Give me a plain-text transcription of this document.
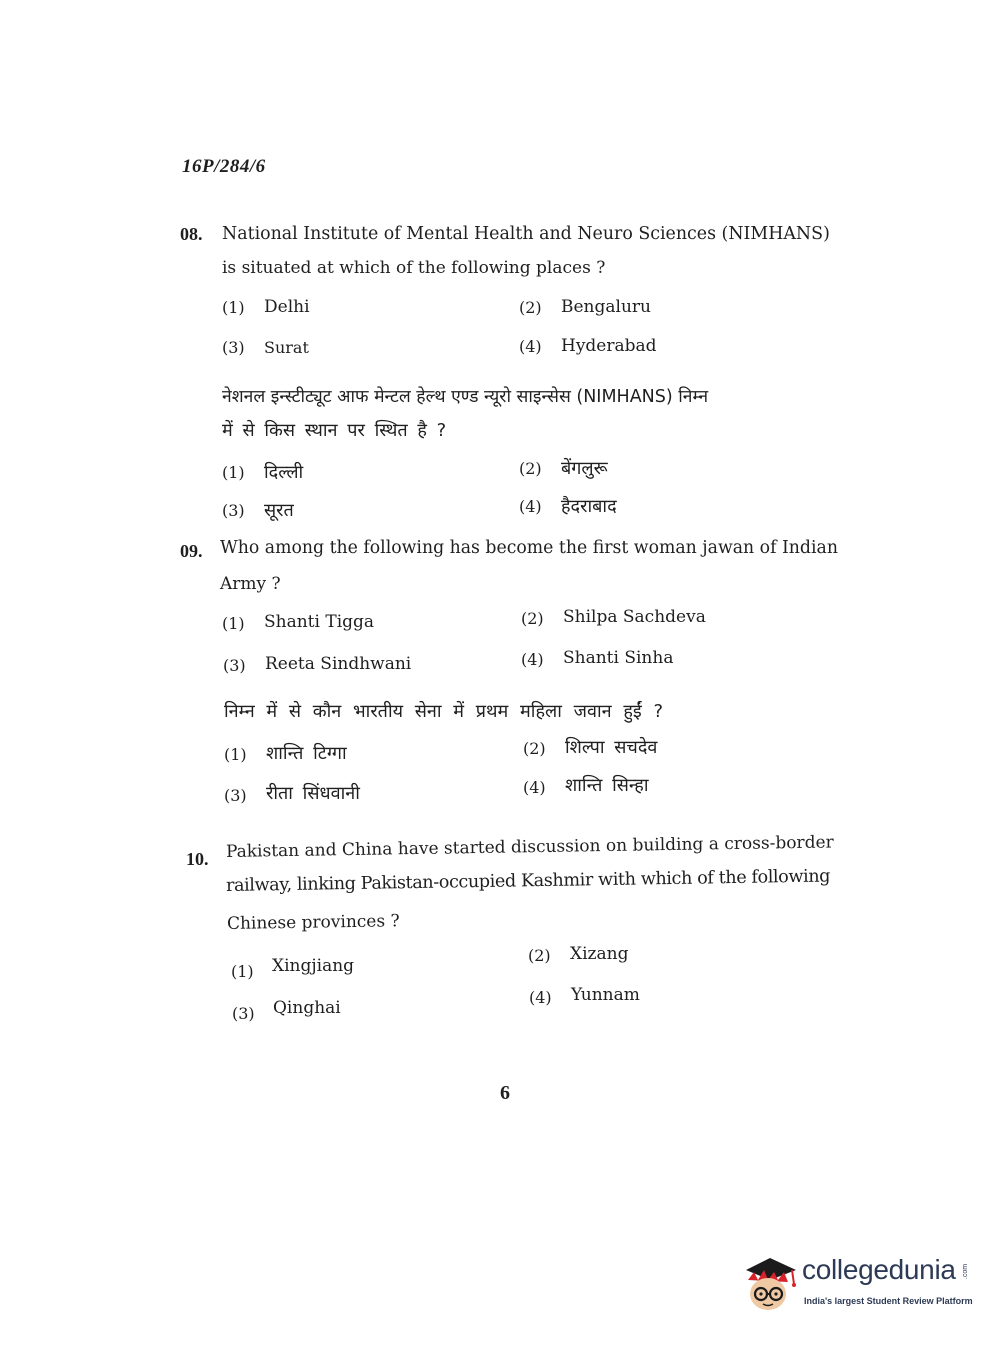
16P/284/6
08. National Institute of Mental Health and Neuro Sciences (NIMHANS)
is situated at which of the following places ?
(1) Delhi	(2) Bengaluru
(3) Surat	(4) Hyderabad
नेशनल इन्स्टीट्यूट आफ मेन्टल हेल्थ एण्ड न्यूरो साइन्सेस (NIMHANS) निम्न
में से किस स्थान पर स्थित है ?
(1) दिल्ली	(2) बेंगलुरू
(3) सूरत	(4) हैदराबाद
09. Who among the following has become the first woman jawan of Indian
Army ?
(1) Shanti Tigga	(2) Shilpa Sachdeva
(3) Reeta Sindhwani	(4) Shanti Sinha
निम्न में से कौन भारतीय सेना में प्रथम महिला जवान हुईं ?
(1) शान्ति टिग्गा	(2) शिल्पा सचदेव
(3) रीता सिंधवानी	(4) शान्ति सिन्हा
10. Pakistan and China have started discussion on building a cross-border
railway, linking Pakistan-occupied Kashmir with which of the following
Chinese provinces ?
(1) Xingjiang
(2) Xizang
(3) Qinghai
(4) Yunnam
6
collegedunia .com
India's largest Student Review Platform
